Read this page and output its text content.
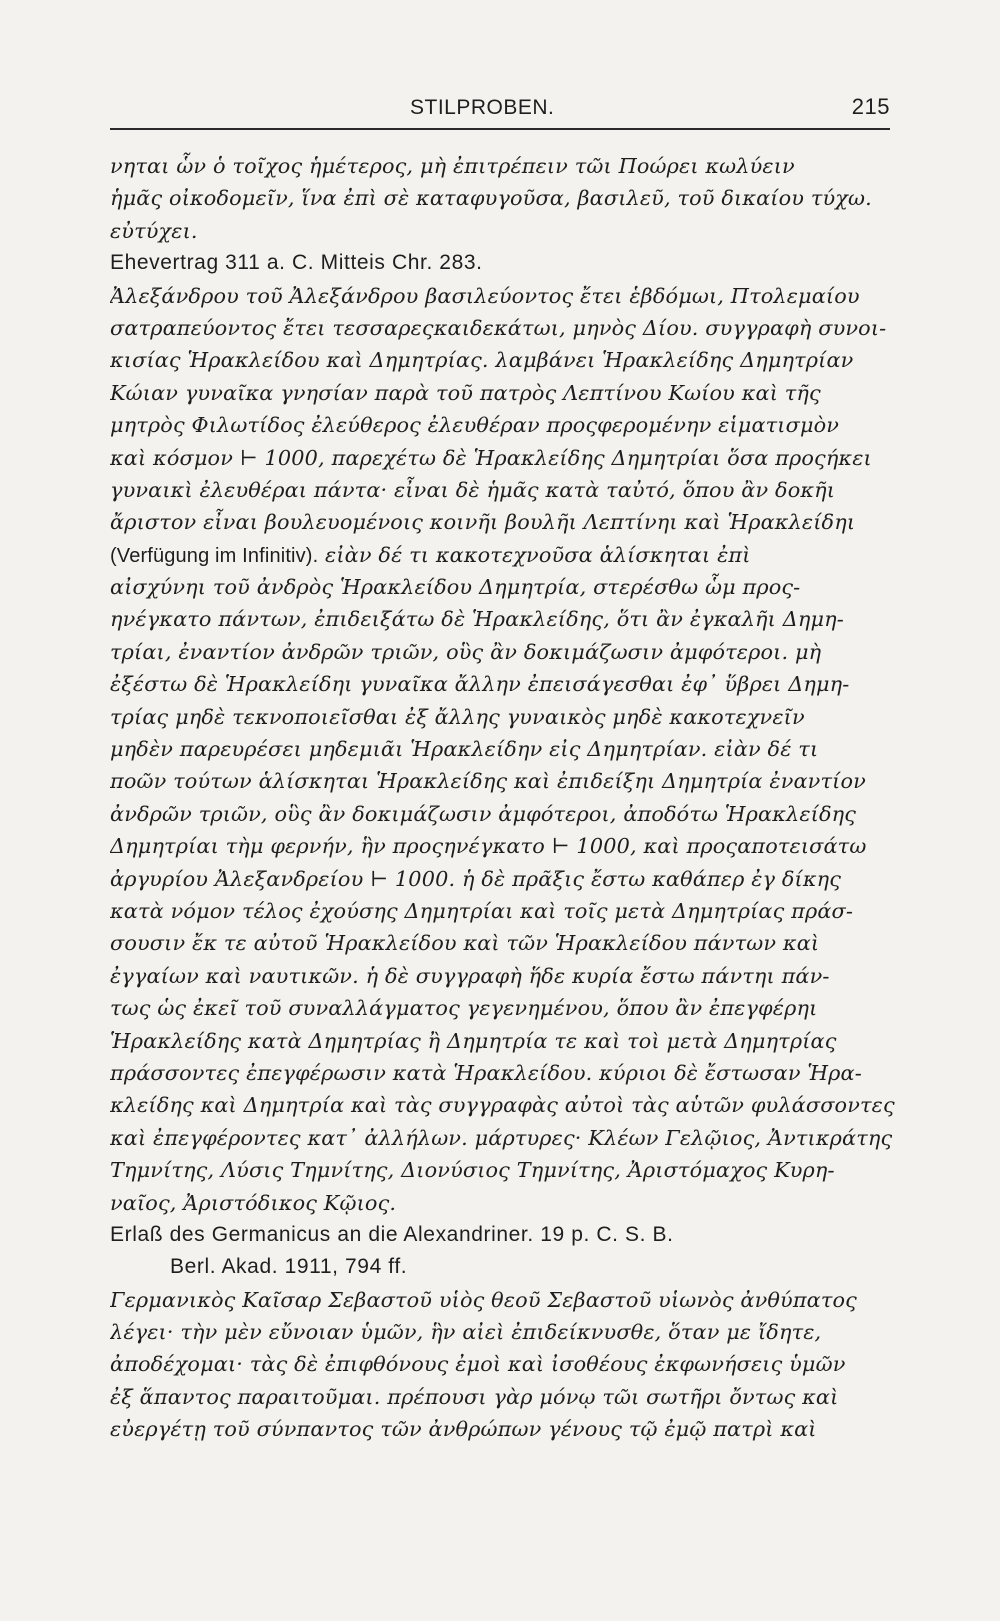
STILPROBEN.	215
νηται ὧν ὁ τοῖχος ἡμέτερος, μὴ ἐπιτρέπειν τῶι Ποώρει κωλύειν
ἡμᾶς οἰκοδομεῖν, ἵνα ἐπὶ σὲ καταφυγοῦσα, βασιλεῦ, τοῦ δικαίου τύχω.
εὐτύχει.
Ehevertrag 311 a. C. Mitteis Chr. 283.
Ἀλεξάνδρου τοῦ Ἀλεξάνδρου βασιλεύοντος ἔτει ἑβδόμωι, Πτολεμαίου
σατραπεύοντος ἔτει τεσσαρεςκαιδεκάτωι, μηνὸς Δίου. συγγραφὴ συνοι-
κισίας Ἡρακλείδου καὶ Δημητρίας. λαμβάνει Ἡρακλείδης Δημητρίαν
Κώιαν γυναῖκα γνησίαν παρὰ τοῦ πατρὸς Λεπτίνου Κωίου καὶ τῆς
μητρὸς Φιλωτίδος ἐλεύθερος ἐλευθέραν προςφερομένην εἱματισμὸν
καὶ κόσμον ⊢ 1000, παρεχέτω δὲ Ἡρακλείδης Δημητρίαι ὅσα προςήκει
γυναικὶ ἐλευθέραι πάντα· εἶναι δὲ ἡμᾶς κατὰ ταὐτό, ὅπου ἂν δοκῆι
ἄριστον εἶναι βουλευομένοις κοινῆι βουλῆι Λεπτίνηι καὶ Ἡρακλείδηι
(Verfügung im Infinitiv). εἰὰν δέ τι κακοτεχνοῦσα ἁλίσκηται ἐπὶ
αἰσχύνηι τοῦ ἀνδρὸς Ἡρακλείδου Δημητρία, στερέσθω ὧμ προς-
ηνέγκατο πάντων, ἐπιδειξάτω δὲ Ἡρακλείδης, ὅτι ἂν ἐγκαλῆι Δημη-
τρίαι, ἐναντίον ἀνδρῶν τριῶν, οὓς ἂν δοκιμάζωσιν ἀμφότεροι. μὴ
ἐξέστω δὲ Ἡρακλείδηι γυναῖκα ἄλλην ἐπεισάγεσθαι ἐφ᾽ ὕβρει Δημη-
τρίας μηδὲ τεκνοποιεῖσθαι ἐξ ἄλλης γυναικὸς μηδὲ κακοτεχνεῖν
μηδὲν παρευρέσει μηδεμιᾶι Ἡρακλείδην εἰς Δημητρίαν. εἰὰν δέ τι
ποῶν τούτων ἁλίσκηται Ἡρακλείδης καὶ ἐπιδείξηι Δημητρία ἐναντίον
ἀνδρῶν τριῶν, οὓς ἂν δοκιμάζωσιν ἀμφότεροι, ἀποδότω Ἡρακλείδης
Δημητρίαι τὴμ φερνήν, ἣν προςηνέγκατο ⊢ 1000, καὶ προςαποτεισάτω
ἀργυρίου Ἀλεξανδρείου ⊢ 1000. ἡ δὲ πρᾶξις ἔστω καθάπερ ἐγ δίκης
κατὰ νόμον τέλος ἐχούσης Δημητρίαι καὶ τοῖς μετὰ Δημητρίας πράσ-
σουσιν ἔκ τε αὐτοῦ Ἡρακλείδου καὶ τῶν Ἡρακλείδου πάντων καὶ
ἐγγαίων καὶ ναυτικῶν. ἡ δὲ συγγραφὴ ἥδε κυρία ἔστω πάντηι πάν-
τως ὡς ἐκεῖ τοῦ συναλλάγματος γεγενημένου, ὅπου ἂν ἐπεγφέρηι
Ἡρακλείδης κατὰ Δημητρίας ἢ Δημητρία τε καὶ τοὶ μετὰ Δημητρίας
πράσσοντες ἐπεγφέρωσιν κατὰ Ἡρακλείδου. κύριοι δὲ ἔστωσαν Ἡρα-
κλείδης καὶ Δημητρία καὶ τὰς συγγραφὰς αὐτοὶ τὰς αὑτῶν φυλάσσοντες
καὶ ἐπεγφέροντες κατ᾽ ἀλλήλων. μάρτυρες· Κλέων Γελῷιος, Ἀντικράτης
Τημνίτης, Λύσις Τημνίτης, Διονύσιος Τημνίτης, Ἀριστόμαχος Κυρη-
ναῖος, Ἀριστόδικος Κῷιος.
Erlaß des Germanicus an die Alexandriner. 19 p. C. S. B.
Berl. Akad. 1911, 794 ff.
Γερμανικὸς Καῖσαρ Σεβαστοῦ υἱὸς θεοῦ Σεβαστοῦ υἱωνὸς ἀνθύπατος
λέγει· τὴν μὲν εὔνοιαν ὑμῶν, ἣν αἰεὶ ἐπιδείκνυσθε, ὅταν με ἴδητε,
ἀποδέχομαι· τὰς δὲ ἐπιφθόνους ἐμοὶ καὶ ἰσοθέους ἐκφωνήσεις ὑμῶν
ἐξ ἅπαντος παραιτοῦμαι. πρέπουσι γὰρ μόνῳ τῶι σωτῆρι ὄντως καὶ
εὐεργέτῃ τοῦ σύνπαντος τῶν ἀνθρώπων γένους τῷ ἐμῷ πατρὶ καὶ
